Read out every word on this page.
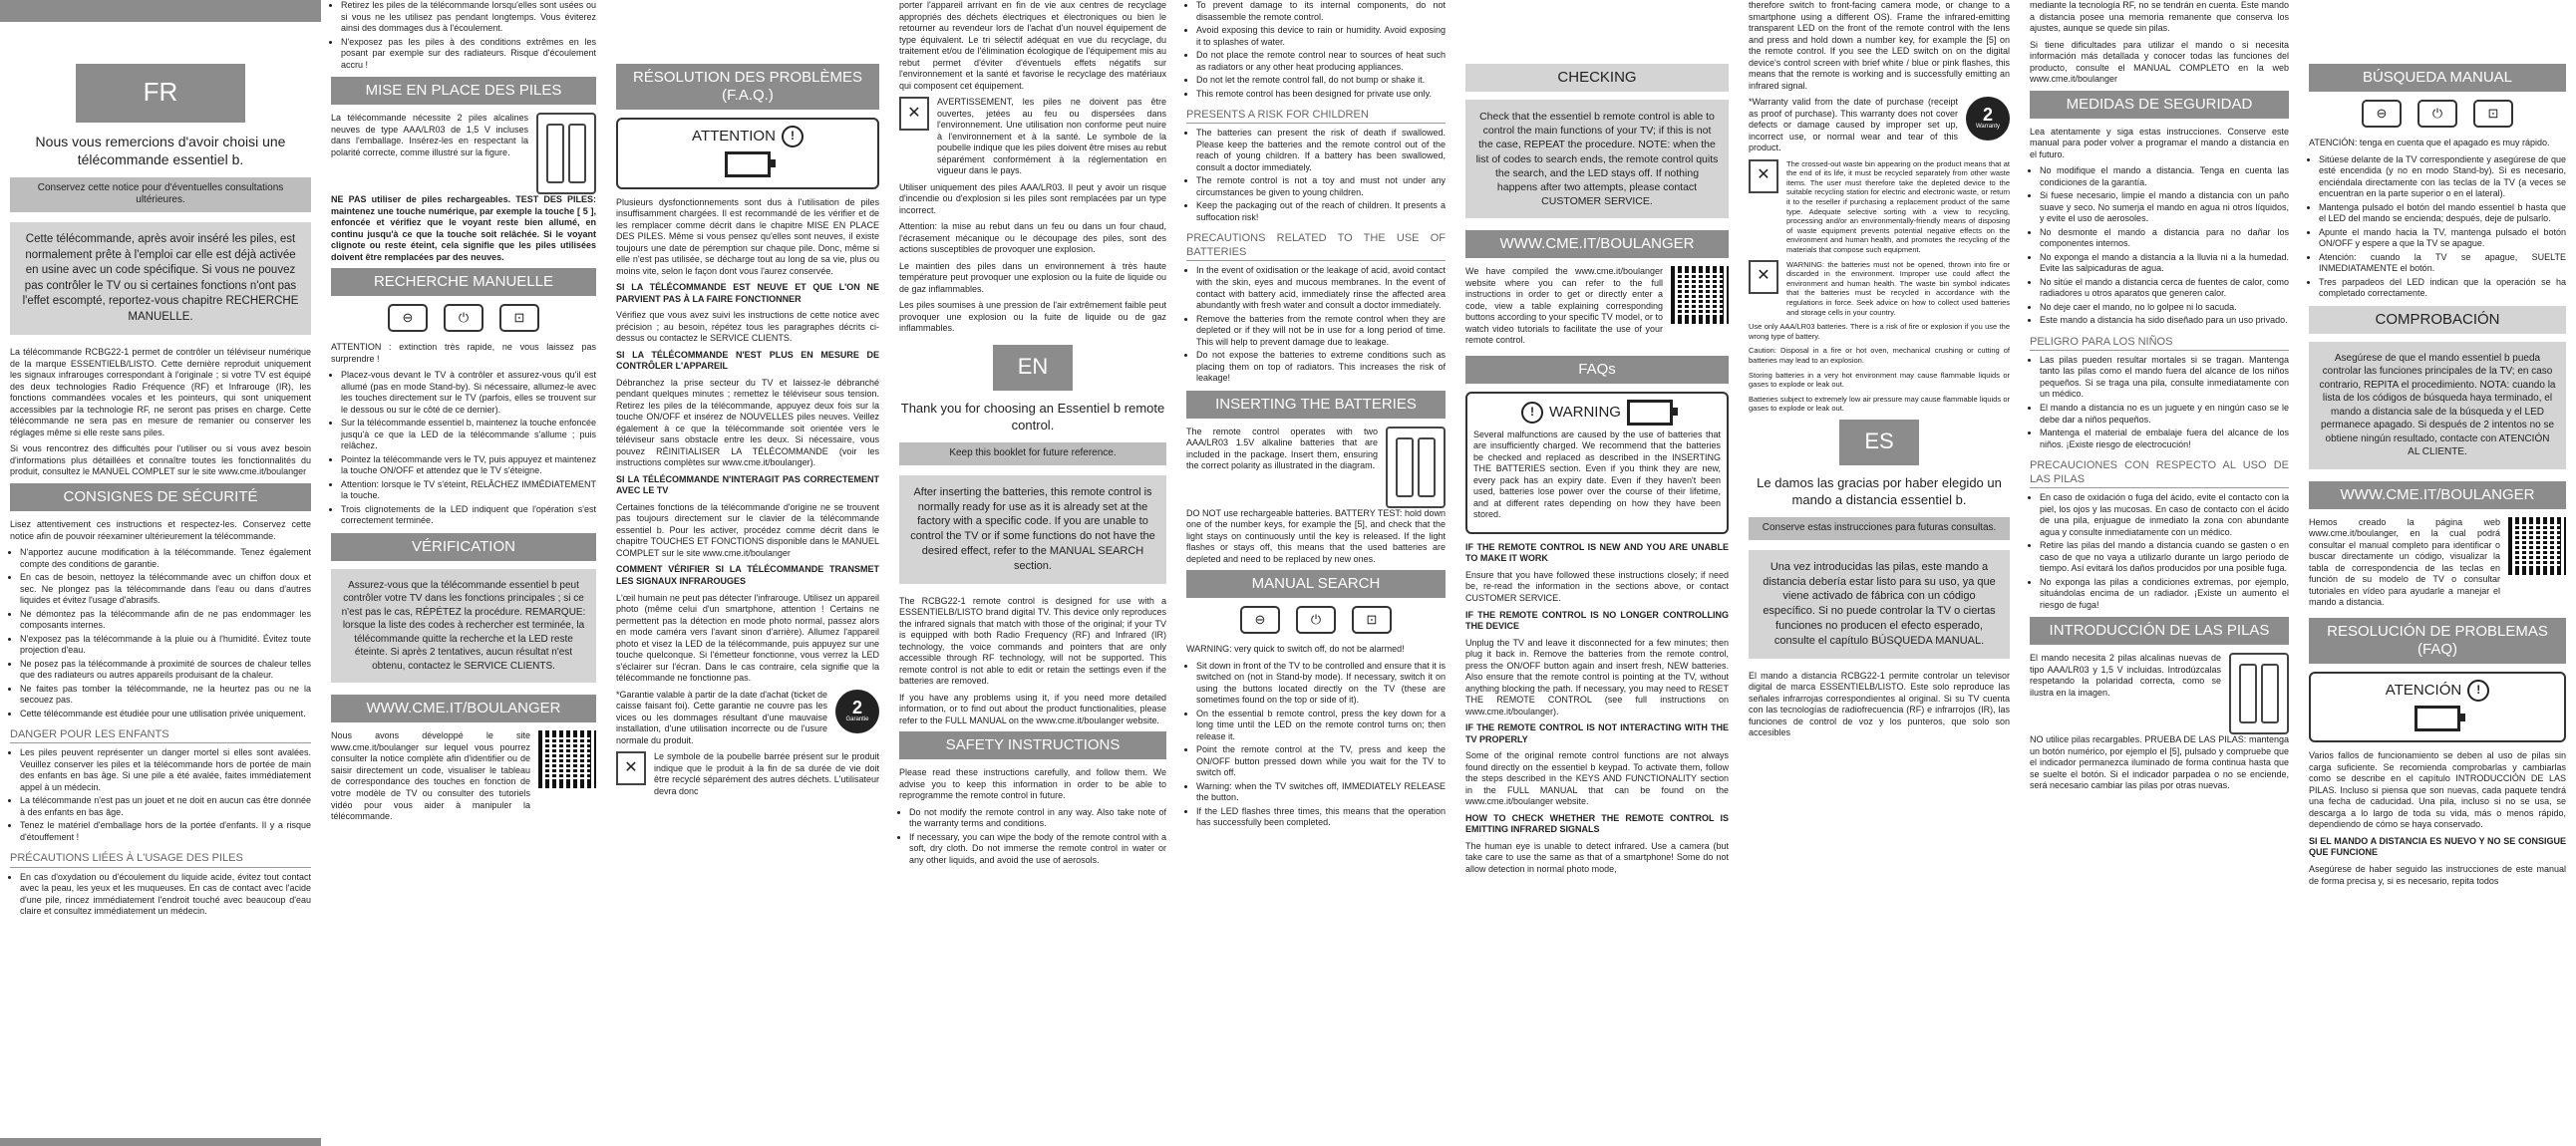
FR
Nous vous remercions d'avoir choisi une télécommande essentiel b.
Conservez cette notice pour d'éventuelles consultations ultérieures.
Cette télécommande, après avoir inséré les piles, est normalement prête à l'emploi car elle est déjà activée en usine avec un code spécifique. Si vous ne pouvez pas contrôler le TV ou si certaines fonctions n'ont pas l'effet escompté, reportez-vous chapitre RECHERCHE MANUELLE.

La télécommande RCBG22-1 permet de contrôler un téléviseur numérique de la marque ESSENTIELB/LISTO. Cette dernière reproduit uniquement les signaux infrarouges correspondant à l'originale ; si votre TV est équipé des deux technologies Radio Fréquence (RF) et Infrarouge (IR), les fonctions commandées vocales et les pointeurs, qui sont uniquement accessibles par la technologie RF, ne seront pas prises en charge. Cette télécommande ne sera pas en mesure de remanier ou conserver les réglages même si elle reste sans piles.

Si vous rencontrez des difficultés pour l'utiliser ou si vous avez besoin d'informations plus détaillées et connaître toutes les fonctionnalités du produit, consultez le MANUEL COMPLET sur le site www.cme.it/boulanger

CONSIGNES DE SÉCURITÉ

Lisez attentivement ces instructions et respectez-les. Conservez cette notice afin de pouvoir réexaminer ultérieurement la télécommande.

• N'apportez aucune modification à la télécommande. Tenez également compte des conditions de garantie.
• En cas de besoin, nettoyez la télécommande avec un chiffon doux et sec. Ne plongez pas la télécommande dans l'eau ou dans d'autres liquides et évitez l'usage d'abrasifs.
• Ne démontez pas la télécommande afin de ne pas endommager les composants internes.
• N'exposez pas la télécommande à la pluie ou à l'humidité. Évitez toute projection d'eau.
• Ne posez pas la télécommande à proximité de sources de chaleur telles que des radiateurs ou autres appareils produisant de la chaleur.
• Ne faites pas tomber la télécommande, ne la heurtez pas ou ne la secouez pas.
• Cette télécommande est étudiée pour une utilisation privée uniquement.
DANGER POUR LES ENFANTS
• Les piles peuvent représenter un danger mortel si elles sont avalées. Veuillez conserver les piles et la télécommande hors de portée de main des enfants en bas âge. Si une pile a été avalée, faites immédiatement appel à un médecin.
• La télécommande n'est pas un jouet et ne doit en aucun cas être donnée à des enfants en bas âge.
• Tenez le matériel d'emballage hors de la portée d'enfants. Il y a risque d'étouffement !
PRÉCAUTIONS LIÉES À L'USAGE DES PILES
• En cas d'oxydation ou d'écoulement du liquide acide, évitez tout contact avec la peau, les yeux et les muqueuses. En cas de contact avec l'acide d'une pile, rincez immédiatement l'endroit touché avec beaucoup d'eau claire et consultez immédiatement un médecin.
• Retirez les piles de la télécommande lorsqu'elles sont usées ou si vous ne les utilisez pas pendant longtemps. Vous éviterez ainsi des dommages dus à l'écoulement.
• N'exposez pas les piles à des conditions extrêmes en les posant par exemple sur des radiateurs. Risque d'écoulement accru !
MISE EN PLACE DES PILES

La télécommande nécessite 2 piles alcalines neuves de type AAA/LR03 de 1,5 V incluses dans l'emballage. Insérez-les en respectant la polarité correcte, comme illustré sur la figure.

NE PAS utiliser de piles rechargeables. TEST DES PILES: maintenez une touche numérique, par exemple la touche [ 5 ], enfoncée et vérifiez que le voyant reste bien allumé, en continu jusqu'à ce que la touche soit relâchée. Si le voyant clignote ou reste éteint, cela signifie que les piles utilisées doivent être remplacées par des neuves.

RECHERCHE MANUELLE
⊖	⏻	⊡

ATTENTION : extinction très rapide, ne vous laissez pas surprendre !

• Placez-vous devant le TV à contrôler et assurez-vous qu'il est allumé (pas en mode Stand-by). Si nécessaire, allumez-le avec les touches directement sur le TV (parfois, elles se trouvent sur le dessous ou sur le côté de ce dernier).
• Sur la télécommande essentiel b, maintenez la touche enfoncée jusqu'à ce que la LED de la télécommande s'allume ; puis relâchez.
• Pointez la télécommande vers le TV, puis appuyez et maintenez la touche ON/OFF et attendez que le TV s'éteigne.
• Attention: lorsque le TV s'éteint, RELÂCHEZ IMMÉDIATEMENT la touche.
• Trois clignotements de la LED indiquent que l'opération s'est correctement terminée.
VÉRIFICATION
Assurez-vous que la télécommande essentiel b peut contrôler votre TV dans les fonctions principales ; si ce n'est pas le cas, RÉPÉTEZ la procédure. REMARQUE: lorsque la liste des codes à rechercher est terminée, la télécommande quitte la recherche et la LED reste éteinte. Si après 2 tentatives, aucun résultat n'est obtenu, contactez le SERVICE CLIENTS.
WWW.CME.IT/BOULANGER

Nous avons développé le site www.cme.it/boulanger sur lequel vous pourrez consulter la notice complète afin d'identifier ou de saisir directement un code, visualiser le tableau de correspondance des touches en fonction de votre modèle de TV ou consulter des tutoriels vidéo pour vous aider à manipuler la télécommande.

RÉSOLUTION DES PROBLÈMES (F.A.Q.)
ATTENTION	!

Plusieurs dysfonctionnements sont dus à l'utilisation de piles insuffisamment chargées. Il est recommandé de les vérifier et de les remplacer comme décrit dans le chapitre MISE EN PLACE DES PILES. Même si vous pensez qu'elles sont neuves, il existe toujours une date de péremption sur chaque pile. Donc, même si elle n'est pas utilisée, se décharge tout au long de sa vie, plus ou moins vite, selon le façon dont vous l'aurez conservée.

SI LA TÉLÉCOMMANDE EST NEUVE ET QUE L'ON NE PARVIENT PAS À LA FAIRE FONCTIONNER

Vérifiez que vous avez suivi les instructions de cette notice avec précision ; au besoin, répétez tous les paragraphes décrits ci-dessus ou contactez le SERVICE CLIENTS.

SI LA TÉLÉCOMMANDE N'EST PLUS EN MESURE DE CONTRÔLER L'APPAREIL

Débranchez la prise secteur du TV et laissez-le débranché pendant quelques minutes ; remettez le téléviseur sous tension. Retirez les piles de la télécommande, appuyez deux fois sur la touche ON/OFF et insérez de NOUVELLES piles neuves. Veillez également à ce que la télécommande soit orientée vers le téléviseur sans obstacle entre les deux. Si nécessaire, vous pouvez RÉINITIALISER LA TÉLÉCOMMANDE (voir les instructions complètes sur www.cme.it/boulanger).

SI LA TÉLÉCOMMANDE N'INTERAGIT PAS CORRECTEMENT AVEC LE TV

Certaines fonctions de la télécommande d'origine ne se trouvent pas toujours directement sur le clavier de la télécommande essentiel b. Pour les activer, procédez comme décrit dans le chapitre TOUCHES ET FONCTIONS disponible dans le MANUEL COMPLET sur le site www.cme.it/boulanger

COMMENT VÉRIFIER SI LA TÉLÉCOMMANDE TRANSMET LES SIGNAUX INFRAROUGES

L'œil humain ne peut pas détecter l'infrarouge. Utilisez un appareil photo (même celui d'un smartphone, attention ! Certains ne permettent pas la détection en mode photo normal, passez alors en mode caméra vers l'avant sinon d'arrière). Allumez l'appareil photo et visez la LED de la télécommande, puis appuyez sur une touche quelconque. Si l'émetteur fonctionne, vous verrez la LED s'éclairer sur l'écran. Dans le cas contraire, cela signifie que la télécommande ne fonctionne pas.

*Garantie valable à partir de la date d'achat (ticket de caisse faisant foi). Cette garantie ne couvre pas les vices ou les dommages résultant d'une mauvaise installation, d'une utilisation incorrecte ou de l'usure normale du produit.

2
Garantie
✕

Le symbole de la poubelle barrée présent sur le produit indique que le produit à la fin de sa durée de vie doit être recyclé séparément des autres déchets. L'utilisateur devra donc

porter l'appareil arrivant en fin de vie aux centres de recyclage appropriés des déchets électriques et électroniques ou bien le retourner au revendeur lors de l'achat d'un nouvel équipement de type équivalent. Le tri sélectif adéquat en vue du recyclage, du traitement et/ou de l'élimination écologique de l'équipement mis au rebut permet d'éviter d'éventuels effets négatifs sur l'environnement et la santé et favorise le recyclage des matériaux qui composent cet équipement.

✕

AVERTISSEMENT, les piles ne doivent pas être ouvertes, jetées au feu ou dispersées dans l'environnement. Une utilisation non conforme peut nuire à l'environnement et à la santé. Le symbole de la poubelle indique que les piles doivent être mises au rebut séparément conformément à la réglementation en vigueur dans le pays.

Utiliser uniquement des piles AAA/LR03. Il peut y avoir un risque d'incendie ou d'explosion si les piles sont remplacées par un type incorrect.

Attention: la mise au rebut dans un feu ou dans un four chaud, l'écrasement mécanique ou le découpage des piles, sont des actions susceptibles de provoquer une explosion.

Le maintien des piles dans un environnement à très haute température peut provoquer une explosion ou la fuite de liquide ou de gaz inflammables.

Les piles soumises à une pression de l'air extrêmement faible peut provoquer une explosion ou la fuite de liquide ou de gaz inflammables.

EN
Thank you for choosing an Essentiel b remote control.
Keep this booklet for future reference.
After inserting the batteries, this remote control is normally ready for use as it is already set at the factory with a specific code. If you are unable to control the TV or if some functions do not have the desired effect, refer to the MANUAL SEARCH section.

The RCBG22-1 remote control is designed for use with a ESSENTIELB/LISTO brand digital TV. This device only reproduces the infrared signals that match with those of the original; if your TV is equipped with both Radio Frequency (RF) and Infrared (IR) technology, the voice commands and pointers that are only accessible through RF technology, will not be supported. This remote control is not able to edit or retain the settings even if the batteries are removed.

If you have any problems using it, if you need more detailed information, or to find out about the product functionalities, please refer to the FULL MANUAL on the www.cme.it/boulanger website.

SAFETY INSTRUCTIONS

Please read these instructions carefully, and follow them. We advise you to keep this information in order to be able to reprogramme the remote control in future.

• Do not modify the remote control in any way. Also take note of the warranty terms and conditions.
• If necessary, you can wipe the body of the remote control with a soft, dry cloth. Do not immerse the remote control in water or any other liquids, and avoid the use of aerosols.
• To prevent damage to its internal components, do not disassemble the remote control.
• Avoid exposing this device to rain or humidity. Avoid exposing it to splashes of water.
• Do not place the remote control near to sources of heat such as radiators or any other heat producing appliances.
• Do not let the remote control fall, do not bump or shake it.
• This remote control has been designed for private use only.
PRESENTS A RISK FOR CHILDREN
• The batteries can present the risk of death if swallowed. Please keep the batteries and the remote control out of the reach of young children. If a battery has been swallowed, consult a doctor immediately.
• The remote control is not a toy and must not under any circumstances be given to young children.
• Keep the packaging out of the reach of children. It presents a suffocation risk!
PRECAUTIONS RELATED TO THE USE OF BATTERIES
• In the event of oxidisation or the leakage of acid, avoid contact with the skin, eyes and mucous membranes. In the event of contact with battery acid, immediately rinse the affected area abundantly with fresh water and consult a doctor immediately.
• Remove the batteries from the remote control when they are depleted or if they will not be in use for a long period of time. This will help to prevent damage due to leakage.
• Do not expose the batteries to extreme conditions such as placing them on top of radiators. This increases the risk of leakage!
INSERTING THE BATTERIES

The remote control operates with two AAA/LR03 1.5V alkaline batteries that are included in the package. Insert them, ensuring the correct polarity as illustrated in the diagram.

DO NOT use rechargeable batteries. BATTERY TEST: hold down one of the number keys, for example the [5], and check that the light stays on continuously until the key is released. If the light flashes or stays off, this means that the used batteries are depleted and need to be replaced by new ones.

MANUAL SEARCH
⊖	⏻	⊡

WARNING: very quick to switch off, do not be alarmed!

• Sit down in front of the TV to be controlled and ensure that it is switched on (not in Stand-by mode). If necessary, switch it on using the buttons located directly on the TV (these are sometimes found on the top or side of it).
• On the essential b remote control, press the key down for a long time until the LED on the remote control turns on; then release it.
• Point the remote control at the TV, press and keep the ON/OFF button pressed down while you wait for the TV to switch off.
• Warning: when the TV switches off, IMMEDIATELY RELEASE the button.
• If the LED flashes three times, this means that the operation has successfully been completed.
CHECKING
Check that the essentiel b remote control is able to control the main functions of your TV; if this is not the case, REPEAT the procedure. NOTE: when the list of codes to search ends, the remote control quits the search, and the LED stays off. If nothing happens after two attempts, please contact CUSTOMER SERVICE.
WWW.CME.IT/BOULANGER

We have compiled the www.cme.it/boulanger website where you can refer to the full instructions in order to get or directly enter a code, view a table explaining corresponding buttons according to your specific TV model, or to watch video tutorials to facilitate the use of your remote control.

FAQs
!	WARNING

Several malfunctions are caused by the use of batteries that are insufficiently charged. We recommend that the batteries be checked and replaced as described in the INSERTING THE BATTERIES section. Even if you think they are new, every pack has an expiry date. Even if they haven't been used, batteries lose power over the course of their lifetime, and at different rates depending on how they have been stored.

IF THE REMOTE CONTROL IS NEW AND YOU ARE UNABLE TO MAKE IT WORK

Ensure that you have followed these instructions closely; if need be, re-read the information in the sections above, or contact CUSTOMER SERVICE.

IF THE REMOTE CONTROL IS NO LONGER CONTROLLING THE DEVICE

Unplug the TV and leave it disconnected for a few minutes; then plug it back in. Remove the batteries from the remote control, press the ON/OFF button again and insert fresh, NEW batteries. Also ensure that the remote control is pointing at the TV, without anything blocking the path. If necessary, you may need to RESET THE REMOTE CONTROL (see full instructions on www.cme.it/boulanger).

IF THE REMOTE CONTROL IS NOT INTERACTING WITH THE TV PROPERLY

Some of the original remote control functions are not always found directly on the essentiel b keypad. To activate them, follow the steps described in the KEYS AND FUNCTIONALITY section in the FULL MANUAL that can be found on the www.cme.it/boulanger website.

HOW TO CHECK WHETHER THE REMOTE CONTROL IS EMITTING INFRARED SIGNALS

The human eye is unable to detect infrared. Use a camera (but take care to use the same as that of a smartphone! Some do not allow detection in normal photo mode,

therefore switch to front-facing camera mode, or change to a smartphone using a different OS). Frame the infrared-emitting transparent LED on the front of the remote control with the lens and press and hold down a number key, for example the [5] on the remote control. If you see the LED switch on on the digital device's control screen with brief white / blue or pink flashes, this means that the remote is working and is successfully emitting an infrared signal.

*Warranty valid from the date of purchase (receipt as proof of purchase). This warranty does not cover defects or damage caused by improper set up, incorrect use, or normal wear and tear of this product.

2
Warranty
✕

The crossed-out waste bin appearing on the product means that at the end of its life, it must be recycled separately from other waste items. The user must therefore take the depleted device to the suitable recycling station for electric and electronic waste, or return it to the reseller if purchasing a replacement product of the same type. Adequate selective sorting with a view to recycling, processing and/or an environmentally-friendly means of disposing of waste equipment prevents potential negative effects on the environment and human health, and promotes the recycling of the materials that compose such equipment.

✕

WARNING: the batteries must not be opened, thrown into fire or discarded in the environment. Improper use could affect the environment and human health. The waste bin symbol indicates that the batteries must be recycled in accordance with the regulations in force. Seek advice on how to collect used batteries and storage cells in your country.

Use only AAA/LR03 batteries. There is a risk of fire or explosion if you use the wrong type of battery.

Caution: Disposal in a fire or hot oven, mechanical crushing or cutting of batteries may lead to an explosion.

Storing batteries in a very hot environment may cause flammable liquids or gases to explode or leak out.

Batteries subject to extremely low air pressure may cause flammable liquids or gases to explode or leak out.

ES
Le damos las gracias por haber elegido un mando a distancia essentiel b.
Conserve estas instrucciones para futuras consultas.
Una vez introducidas las pilas, este mando a distancia debería estar listo para su uso, ya que viene activado de fábrica con un código específico. Si no puede controlar la TV o ciertas funciones no producen el efecto esperado, consulte el capítulo BÚSQUEDA MANUAL.

El mando a distancia RCBG22-1 permite controlar un televisor digital de marca ESSENTIELB/LISTO. Este solo reproduce las señales infrarrojas correspondientes al original. Si su TV cuenta con las tecnologías de radiofrecuencia (RF) e infrarrojos (IR), las funciones de control de voz y los punteros, que solo son accesibles

mediante la tecnología RF, no se tendrán en cuenta. Este mando a distancia posee una memoria remanente que conserva los ajustes, aunque se quede sin pilas.

Si tiene dificultades para utilizar el mando o si necesita información más detallada y conocer todas las funciones del producto, consulte el MANUAL COMPLETO en la web www.cme.it/boulanger

MEDIDAS DE SEGURIDAD

Lea atentamente y siga estas instrucciones. Conserve este manual para poder volver a programar el mando a distancia en el futuro.

• No modifique el mando a distancia. Tenga en cuenta las condiciones de la garantía.
• Si fuese necesario, limpie el mando a distancia con un paño suave y seco. No sumerja el mando en agua ni otros líquidos, y evite el uso de aerosoles.
• No desmonte el mando a distancia para no dañar los componentes internos.
• No exponga el mando a distancia a la lluvia ni a la humedad. Evite las salpicaduras de agua.
• No sitúe el mando a distancia cerca de fuentes de calor, como radiadores u otros aparatos que generen calor.
• No deje caer el mando, no lo golpee ni lo sacuda.
• Este mando a distancia ha sido diseñado para un uso privado.
PELIGRO PARA LOS NIÑOS
• Las pilas pueden resultar mortales si se tragan. Mantenga tanto las pilas como el mando fuera del alcance de los niños pequeños. Si se traga una pila, consulte inmediatamente con un médico.
• El mando a distancia no es un juguete y en ningún caso se le debe dar a niños pequeños.
• Mantenga el material de embalaje fuera del alcance de los niños. ¡Existe riesgo de electrocución!
PRECAUCIONES CON RESPECTO AL USO DE LAS PILAS
• En caso de oxidación o fuga del ácido, evite el contacto con la piel, los ojos y las mucosas. En caso de contacto con el ácido de una pila, enjuague de inmediato la zona con abundante agua y consulte inmediatamente con un médico.
• Retire las pilas del mando a distancia cuando se gasten o en caso de que no vaya a utilizarlo durante un largo periodo de tiempo. Así evitará los daños producidos por una posible fuga.
• No exponga las pilas a condiciones extremas, por ejemplo, situándolas encima de un radiador. ¡Existe un aumento el riesgo de fuga!
INTRODUCCIÓN DE LAS PILAS

El mando necesita 2 pilas alcalinas nuevas de tipo AAA/LR03 y 1,5 V incluidas. Introdúzcalas respetando la polaridad correcta, como se ilustra en la imagen.

NO utilice pilas recargables. PRUEBA DE LAS PILAS: mantenga un botón numérico, por ejemplo el [5], pulsado y compruebe que el indicador permanezca iluminado de forma continua hasta que se suelte el botón. Si el indicador parpadea o no se enciende, será necesario cambiar las pilas por otras nuevas.

BÚSQUEDA MANUAL
⊖	⏻	⊡

ATENCIÓN: tenga en cuenta que el apagado es muy rápido.

• Sitúese delante de la TV correspondiente y asegúrese de que esté encendida (y no en modo Stand-by). Si es necesario, enciéndala directamente con las teclas de la TV (a veces se encuentran en la parte superior o en el lateral).
• Mantenga pulsado el botón del mando essentiel b hasta que el LED del mando se encienda; después, deje de pulsarlo.
• Apunte el mando hacia la TV, mantenga pulsado el botón ON/OFF y espere a que la TV se apague.
• Atención: cuando la TV se apague, SUELTE INMEDIATAMENTE el botón.
• Tres parpadeos del LED indican que la operación se ha completado correctamente.
COMPROBACIÓN
Asegúrese de que el mando essentiel b pueda controlar las funciones principales de la TV; en caso contrario, REPITA el procedimiento. NOTA: cuando la lista de los códigos de búsqueda haya terminado, el mando a distancia sale de la búsqueda y el LED permanece apagado. Si después de 2 intentos no se obtiene ningún resultado, contacte con ATENCIÓN AL CLIENTE.
WWW.CME.IT/BOULANGER

Hemos creado la página web www.cme.it/boulanger, en la cual podrá consultar el manual completo para identificar o buscar directamente un código, visualizar la tabla de correspondencia de las teclas en función de su modelo de TV o consultar tutoriales en vídeo para ayudarle a manejar el mando a distancia.

RESOLUCIÓN DE PROBLEMAS (FAQ)
ATENCIÓN	!

Varios fallos de funcionamiento se deben al uso de pilas sin carga suficiente. Se recomienda comprobarlas y cambiarlas como se describe en el capítulo INTRODUCCIÓN DE LAS PILAS. Incluso si piensa que son nuevas, cada paquete tendrá una fecha de caducidad. Una pila, incluso si no se usa, se descarga a lo largo de toda su vida, más o menos rápido, dependiendo de cómo se haya conservado.

SI EL MANDO A DISTANCIA ES NUEVO Y NO SE CONSIGUE QUE FUNCIONE

Asegúrese de haber seguido las instrucciones de este manual de forma precisa y, si es necesario, repita todos
